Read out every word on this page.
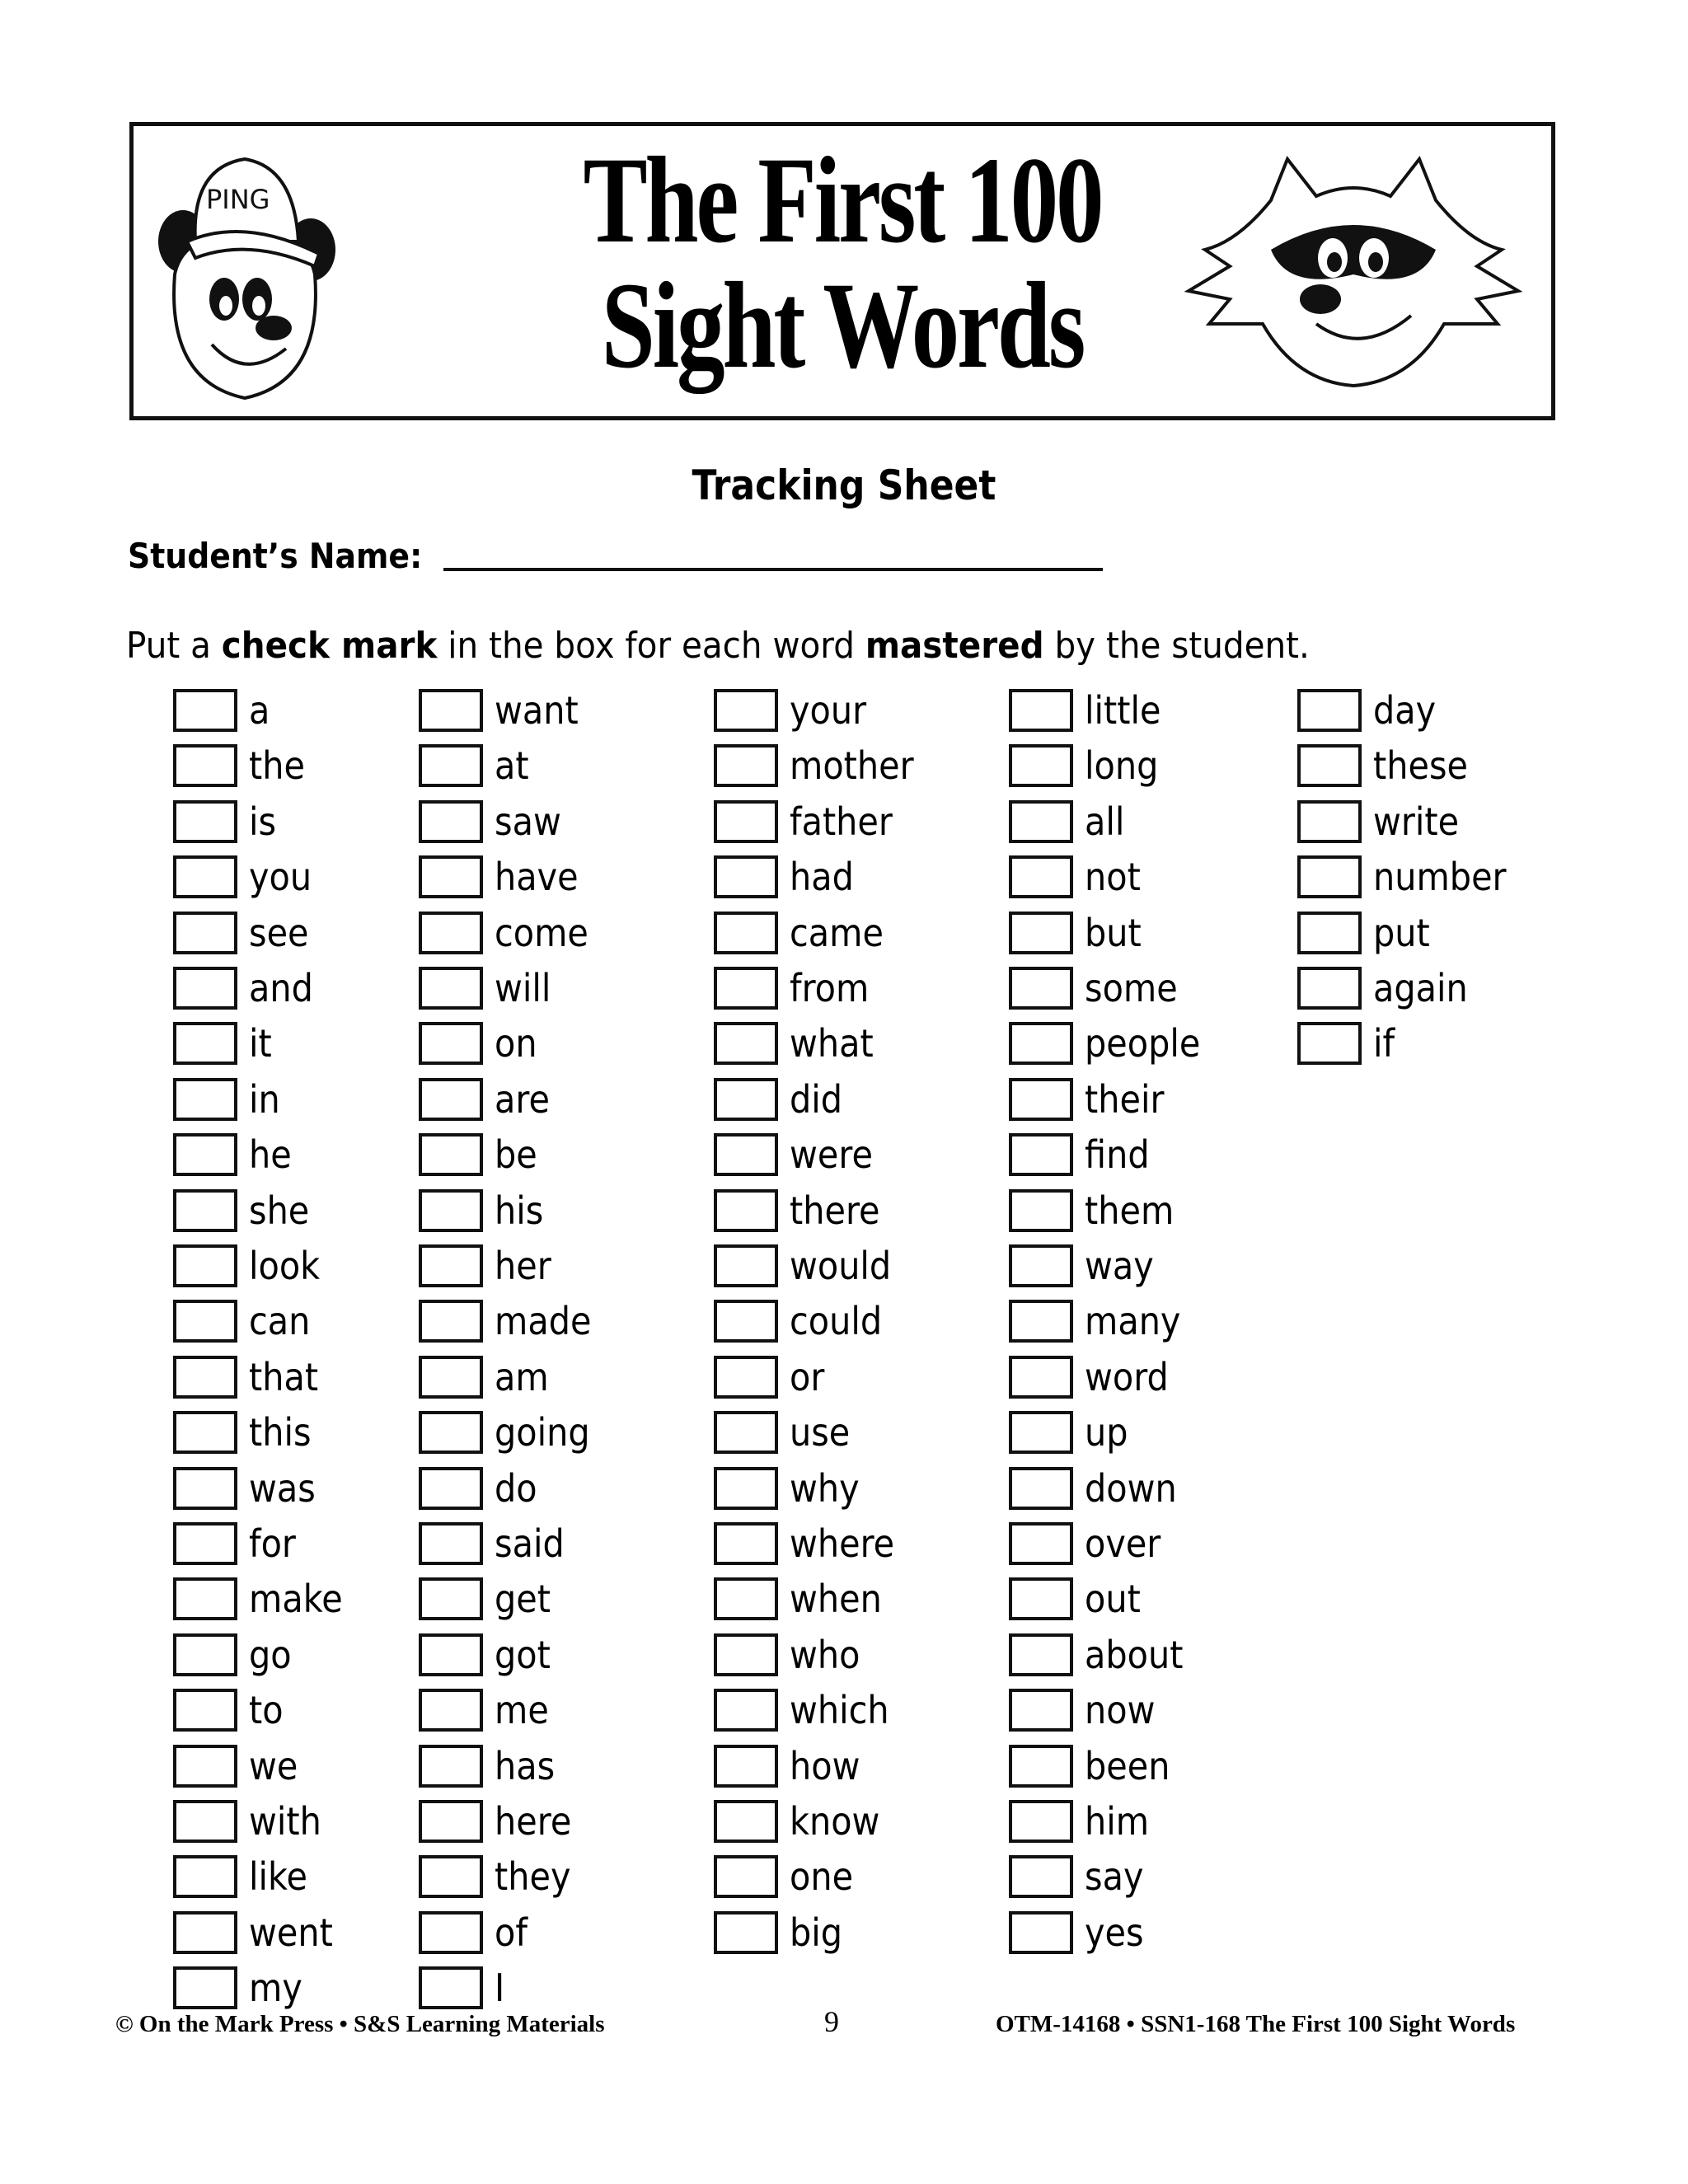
PING	The First 100
Sight Words
Tracking Sheet
Student’s Name:
Put a check mark in the box for each word mastered by the student.
a
the
is
you
see
and
it
in
he
she
look
can
that
this
was
for
make
go
to
we
with
like
went
my
want
at
saw
have
come
will
on
are
be
his
her
made
am
going
do
said
get
got
me
has
here
they
of
I
your
mother
father
had
came
from
what
did
were
there
would
could
or
use
why
where
when
who
which
how
know
one
big
little
long
all
not
but
some
people
their
find
them
way
many
word
up
down
over
out
about
now
been
him
say
yes
day
these
write
number
put
again
if
© On the Mark Press • S&S Learning Materials	9	OTM-14168 • SSN1-168 The First 100 Sight Words
